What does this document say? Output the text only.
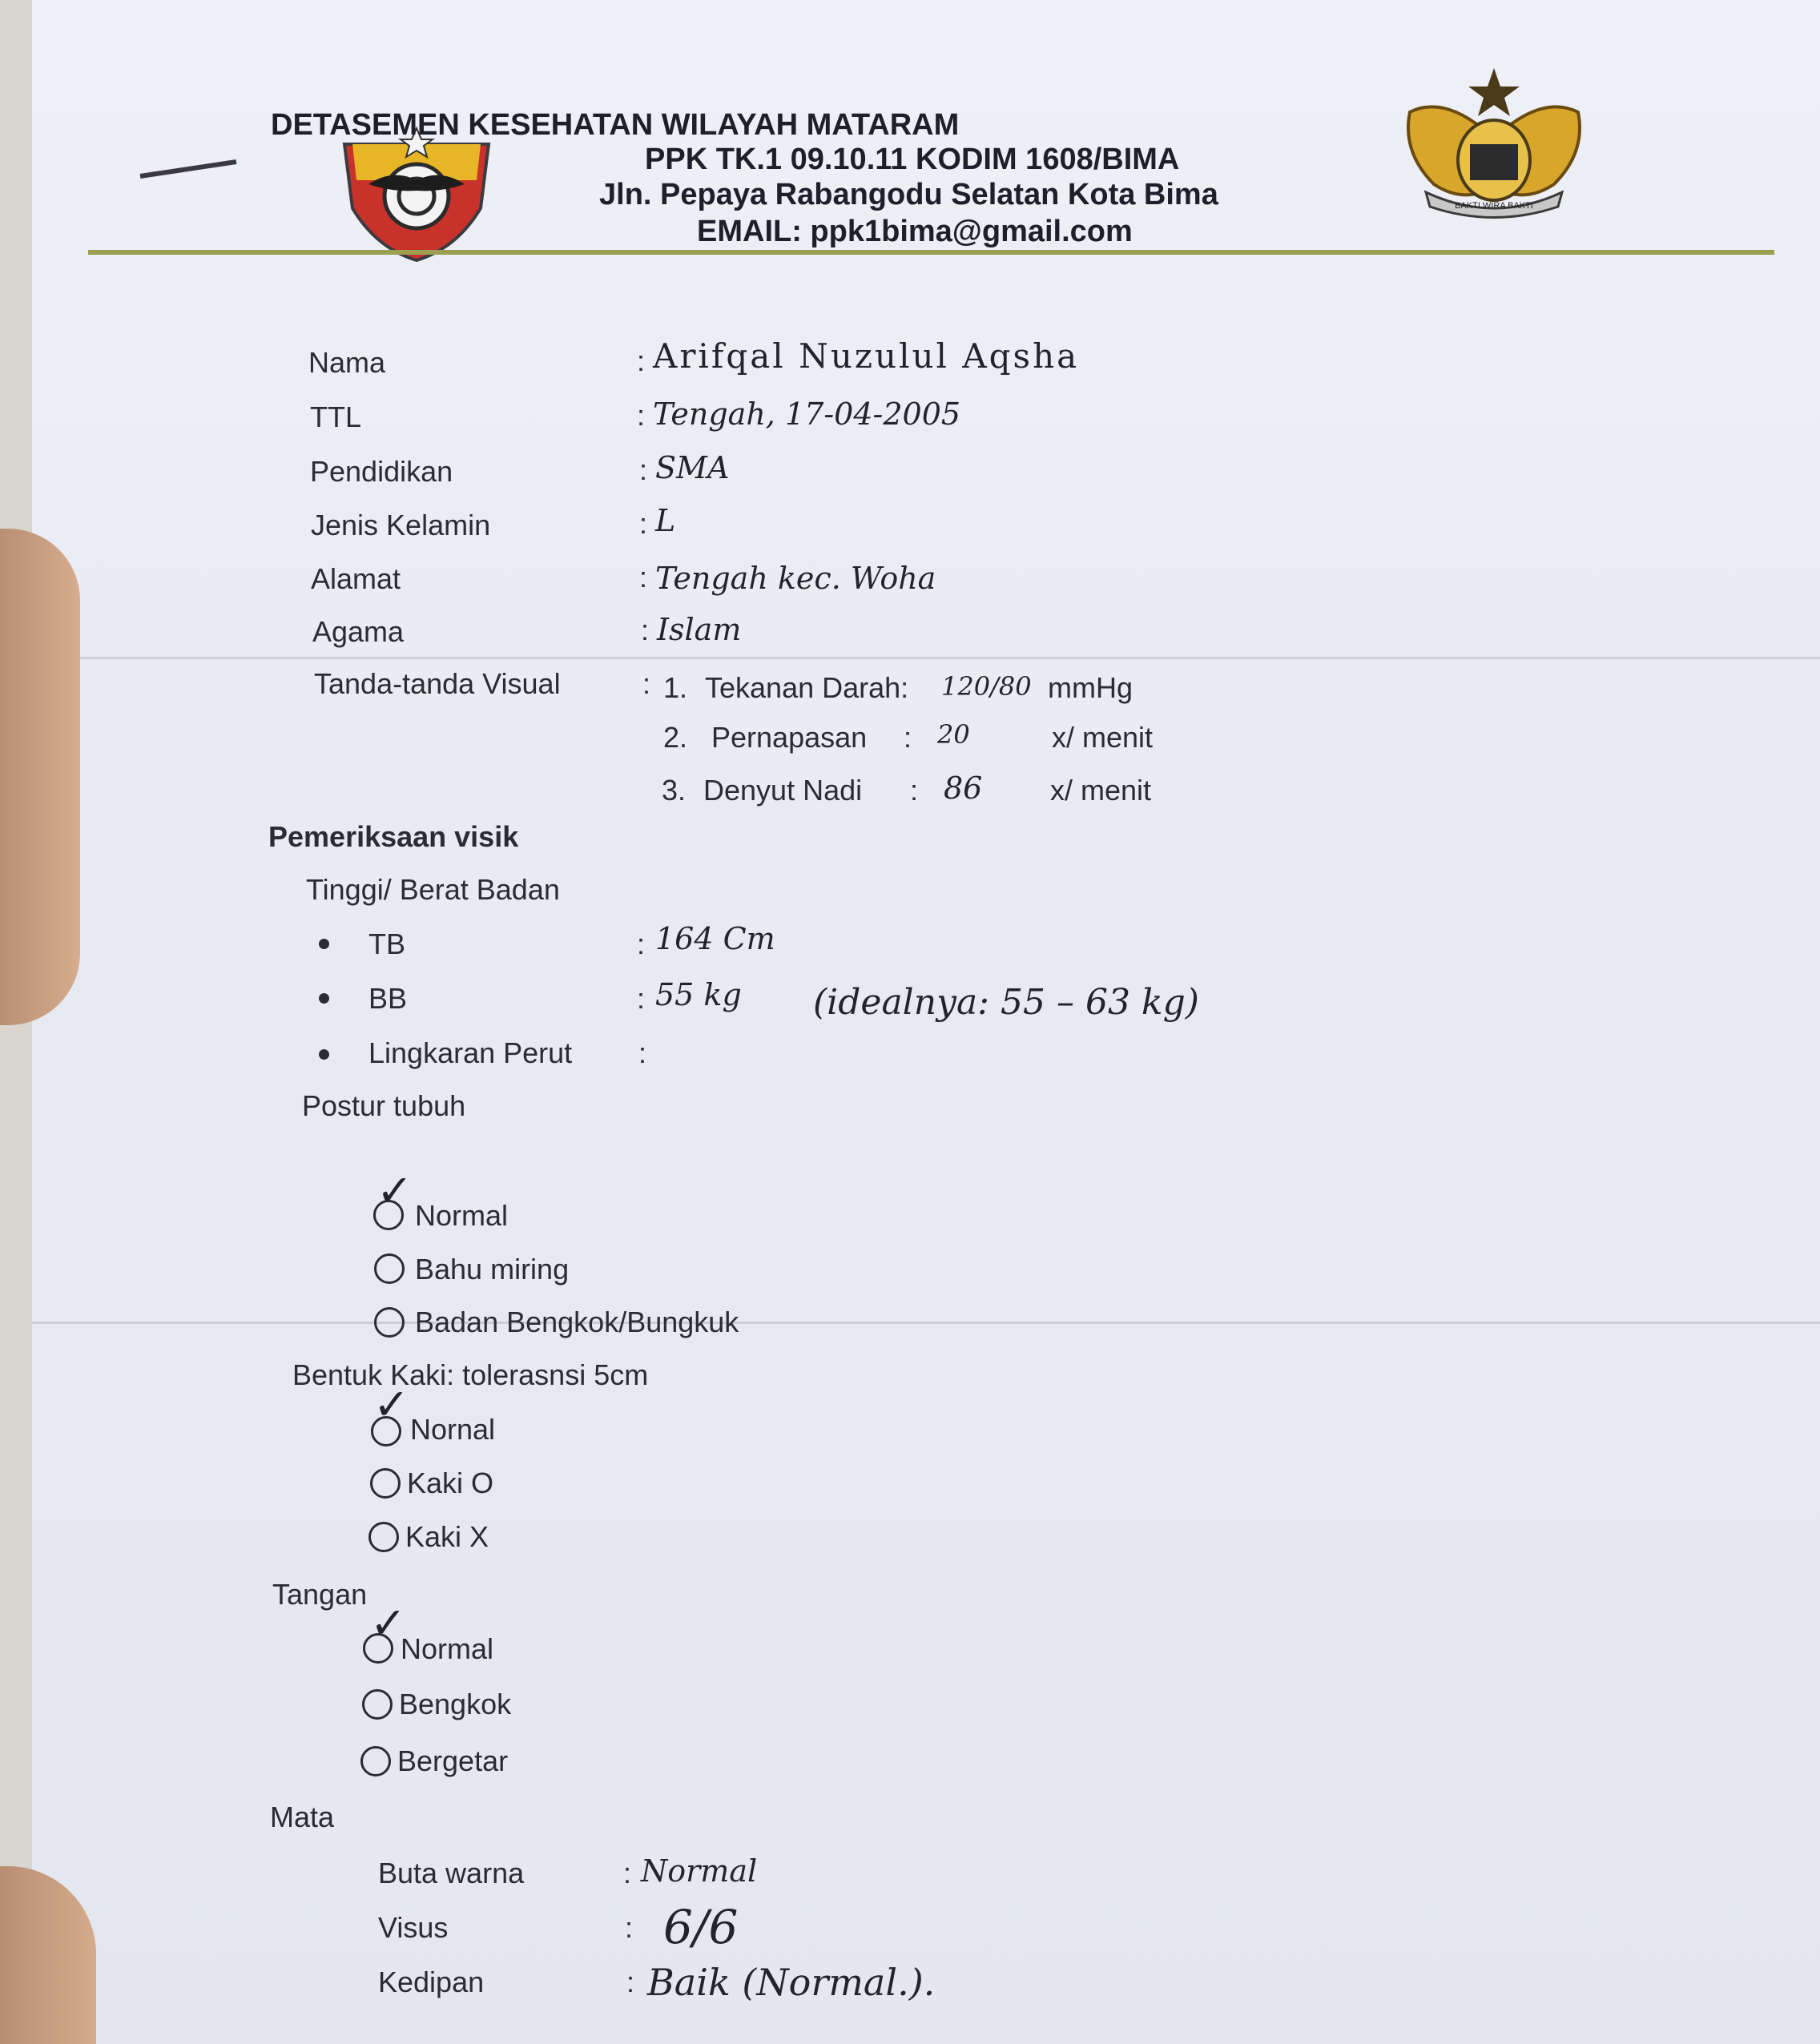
BAKTI WIRA BAKTI
DETASEMEN KESEHATAN WILAYAH MATARAM
PPK TK.1 09.10.11 KODIM 1608/BIMA
Jln. Pepaya Rabangodu Selatan Kota Bima
EMAIL: ppk1bima@gmail.com
Nama	: Arifqal Nuzulul Aqsha
TTL	: Tengah, 17-04-2005
Pendidikan	: SMA
Jenis Kelamin	: L
Alamat	: Tengah kec. Woha
Agama	: Islam
Tanda-tanda Visual	: 1. Tekanan Darah: 120/80 mmHg
2. Pernapasan : 20	x/ menit
3. Denyut Nadi : 86 x/ menit
Pemeriksaan visik
Tinggi/ Berat Badan
TB	: 164 Cm
BB	: 55 kg (idealnya: 55 – 63 kg)
Lingkaran Perut :
Postur tubuh
✓ Normal
Bahu miring
Badan Bengkok/Bungkuk
Bentuk Kaki: tolerasnsi 5cm
✓ Nornal
Kaki O
Kaki X
Tangan
✓
Normal
Bengkok
Bergetar
Mata
Buta warna	: Normal
Visus	: 6/6
Kedipan	: Baik (Normal.).
